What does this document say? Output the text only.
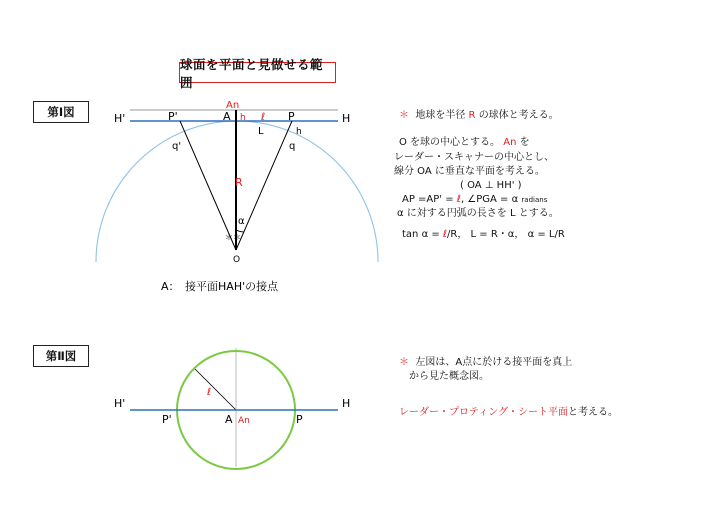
球面を平面と見做せる範囲
第Ⅰ図
第Ⅱ図
H'	P'	A
An
h ℓ P	H
L	h
q'	q
R
α
＊＊
O
A：　接平面HAH'の接点
H'
P'	A An	P
H
ℓ
＊ 地球を半径 R の球体と考える。
O を球の中心とする。 An を
レーダー・スキャナーの中心とし、
線分 OA に垂直な平面を考える。
( OA ⊥ HH' )
AP =AP' = ℓ, ∠PGA = α radians
α に対する円弧の長さを L とする。
tan α = ℓ/R， L = R・α， α = L/R
＊ 左図は、A点に於ける接平面を真上
から見た概念図。
レーダー・プロティング・シート平面と考える。
